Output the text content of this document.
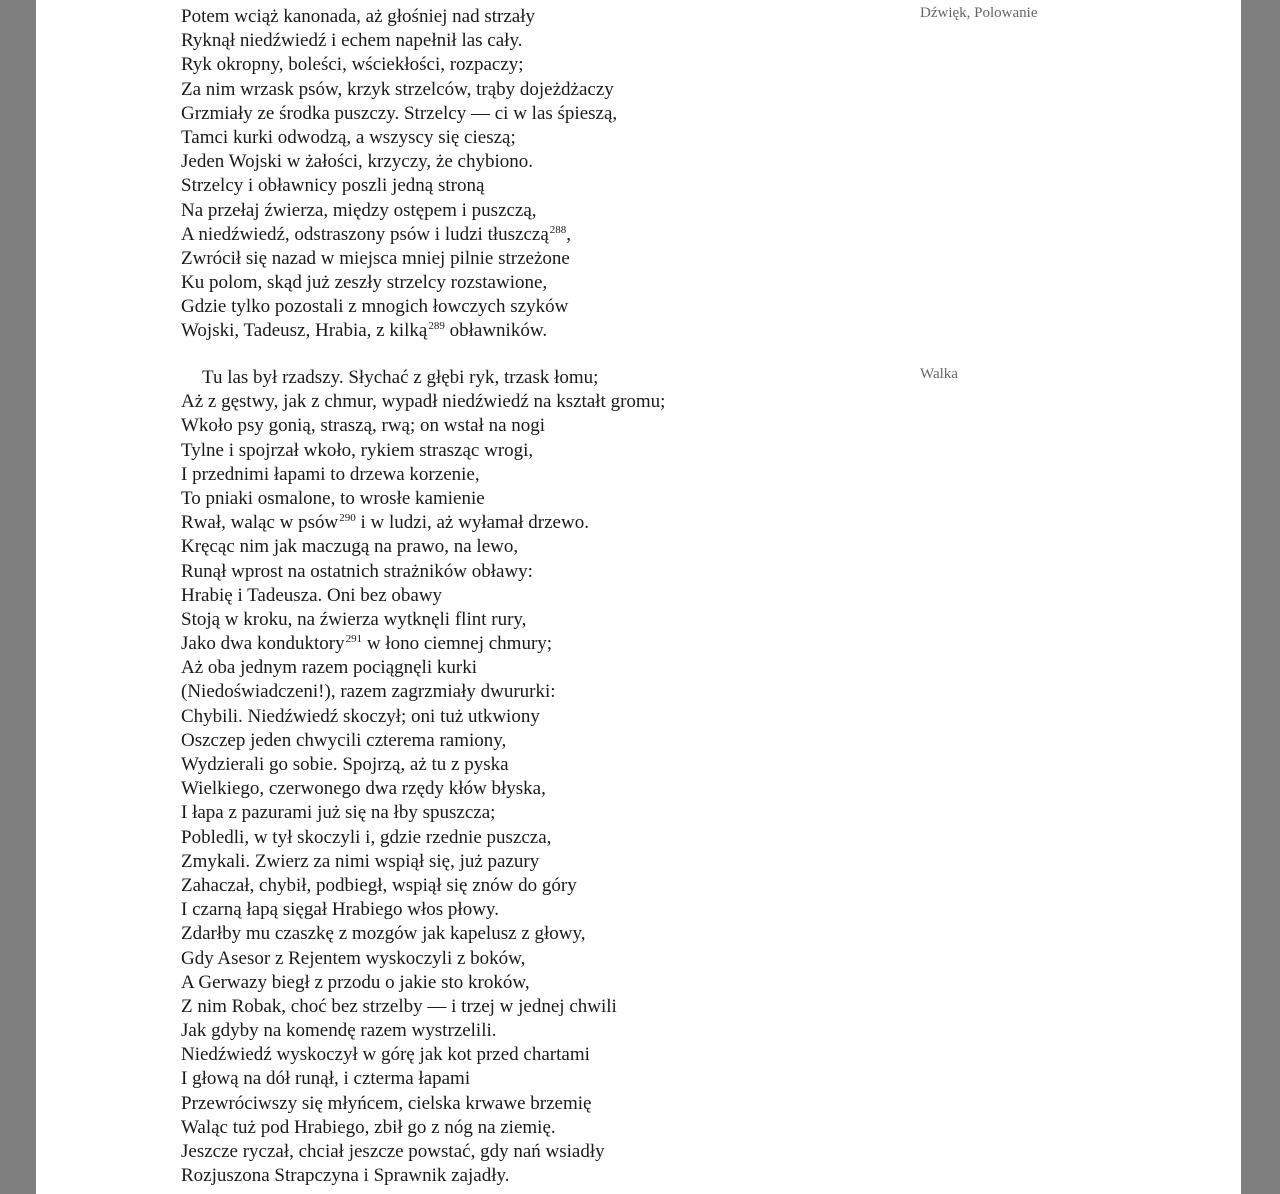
Potem wciąż kanonada, aż głośniej nad strzały
Ryknął niedźwiedź i echem napełnił las cały.
Ryk okropny, boleści, wściekłości, rozpaczy;
Za nim wrzask psów, krzyk strzelców, trąby dojeżdżaczy
Grzmiały ze środka puszczy. Strzelcy — ci w las śpieszą,
Tamci kurki odwodzą, a wszyscy się cieszą;
Jeden Wojski w żałości, krzyczy, że chybiono.
Strzelcy i obławnicy poszli jedną stroną
Na przełaj źwierza, między ostępem i puszczą,
A niedźwiedź, odstraszony psów i ludzi tłuszczą$^{288}$,
Zwrócił się nazad w miejsca mniej pilnie strzeżone
Ku polom, skąd już zeszły strzelcy rozstawione,
Gdzie tylko pozostali z mnogich łowczych szyków
Wojski, Tadeusz, Hrabia, z kilką$^{289}$ obławników.
Dźwięk, Polowanie
Tu las był rzadszy. Słychać z głębi ryk, trzask łomu;
Aż z gęstwy, jak z chmur, wypadł niedźwiedź na kształt gromu;
Wkoło psy gonią, straszą, rwą; on wstał na nogi
Tylne i spojrzał wkoło, rykiem strasząc wrogi,
I przednimi łapami to drzewa korzenie,
To pniaki osmalone, to wrosłe kamienie
Rwał, waląc w psów$^{290}$ i w ludzi, aż wyłamał drzewo.
Kręcąc nim jak maczugą na prawo, na lewo,
Runął wprost na ostatnich strażników obławy:
Hrabię i Tadeusza. Oni bez obawy
Stoją w kroku, na źwierza wytknęli flint rury,
Jako dwa konduktory$^{291}$ w łono ciemnej chmury;
Aż oba jednym razem pociągnęli kurki
(Niedoświadczeni!), razem zagrzmiały dwururki:
Chybili. Niedźwiedź skoczył; oni tuż utkwiony
Oszczep jeden chwycili czterema ramiony,
Wydzierali go sobie. Spojrzą, aż tu z pyska
Wielkiego, czerwonego dwa rzędy kłów błyska,
I łapa z pazurami już się na łby spuszcza;
Pobledli, w tył skoczyli i, gdzie rzednie puszcza,
Zmykali. Zwierz za nimi wspiął się, już pazury
Zahaczał, chybił, podbiegł, wspiął się znów do góry
I czarną łapą sięgał Hrabiego włos płowy.
Zdarłby mu czaszkę z mozgów jak kapelusz z głowy,
Gdy Asesor z Rejentem wyskoczyli z boków,
A Gerwazy biegł z przodu o jakie sto kroków,
Z nim Robak, choć bez strzelby — i trzej w jednej chwili
Jak gdyby na komendę razem wystrzelili.
Niedźwiedź wyskoczył w górę jak kot przed chartami
I głową na dół runął, i czterma łapami
Przewróciwszy się młyńcem, cielska krwawe brzemię
Waląc tuż pod Hrabiego, zbił go z nóg na ziemię.
Jeszcze ryczał, chciał jeszcze powstać, gdy nań wsiadły
Rozjuszona Strapczyna i Sprawnik zajadły.
Walka
